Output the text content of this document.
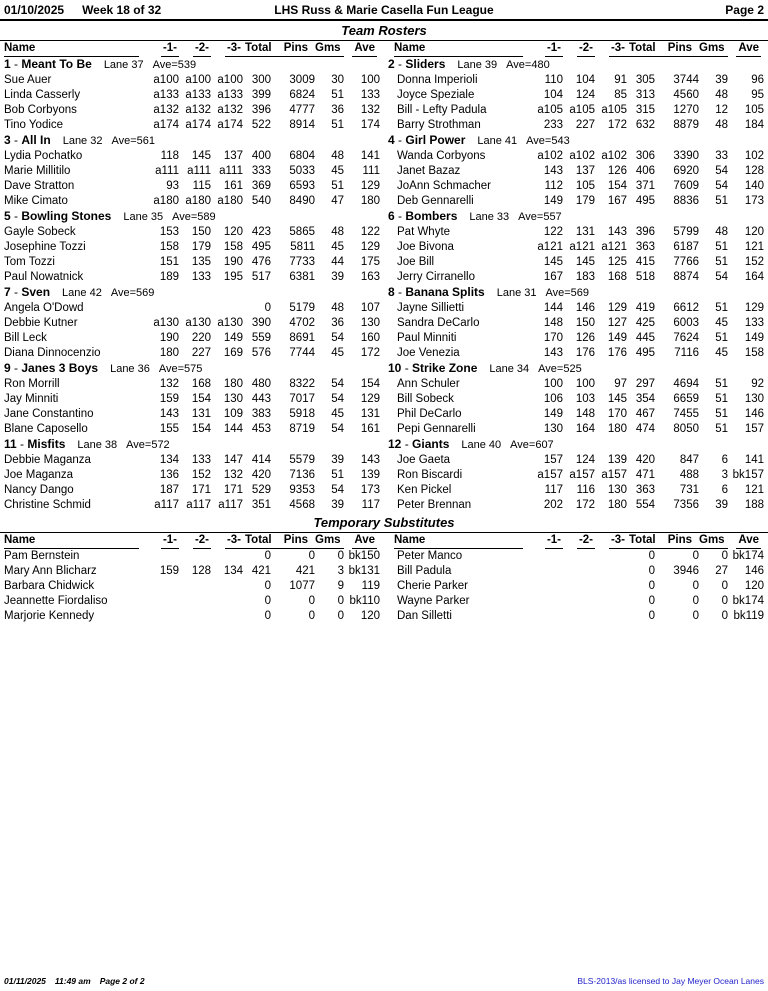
01/10/2025 Week 18 of 32	LHS Russ & Marie Casella Fun League	Page 2
Team Rosters
Name	-1-	-2-	-3-	Total	Pins	Gms	Ave
1 - Meant To Be Lane 37 Ave=539							
Sue Auer	a100	a100	a100	300	3009	30	100
Linda Casserly	a133	a133	a133	399	6824	51	133
Bob Corbyons	a132	a132	a132	396	4777	36	132
Tino Yodice	a174	a174	a174	522	8914	51	174
3 - All In Lane 32 Ave=561							
Lydia Pochatko	118	145	137	400	6804	48	141
Marie Millitilo	a111	a111	a111	333	5033	45	111
Dave Stratton	93	115	161	369	6593	51	129
Mike Cimato	a180	a180	a180	540	8490	47	180
5 - Bowling Stones Lane 35 Ave=589							
Gayle Sobeck	153	150	120	423	5865	48	122
Josephine Tozzi	158	179	158	495	5811	45	129
Tom Tozzi	151	135	190	476	7733	44	175
Paul Nowatnick	189	133	195	517	6381	39	163
7 - Sven Lane 42 Ave=569							
Angela O'Dowd				0	5179	48	107
Debbie Kutner	a130	a130	a130	390	4702	36	130
Bill Leck	190	220	149	559	8691	54	160
Diana Dinnocenzio	180	227	169	576	7744	45	172
9 - Janes 3 Boys Lane 36 Ave=575							
Ron Morrill	132	168	180	480	8322	54	154
Jay Minniti	159	154	130	443	7017	54	129
Jane Constantino	143	131	109	383	5918	45	131
Blane Caposello	155	154	144	453	8719	54	161
11 - Misfits Lane 38 Ave=572							
Debbie Maganza	134	133	147	414	5579	39	143
Joe Maganza	136	152	132	420	7136	51	139
Nancy Dango	187	171	171	529	9353	54	173
Christine Schmid	a117	a117	a117	351	4568	39	117
Name	-1-	-2-	-3-	Total	Pins	Gms	Ave
2 - Sliders Lane 39 Ave=480							
Donna Imperioli	110	104	91	305	3744	39	96
Joyce Speziale	104	124	85	313	4560	48	95
Bill - Lefty Padula	a105	a105	a105	315	1270	12	105
Barry Strothman	233	227	172	632	8879	48	184
4 - Girl Power Lane 41 Ave=543							
Wanda Corbyons	a102	a102	a102	306	3390	33	102
Janet Bazaz	143	137	126	406	6920	54	128
JoAnn Schmacher	112	105	154	371	7609	54	140
Deb Gennarelli	149	179	167	495	8836	51	173
6 - Bombers Lane 33 Ave=557							
Pat Whyte	122	131	143	396	5799	48	120
Joe Bivona	a121	a121	a121	363	6187	51	121
Joe Bill	145	145	125	415	7766	51	152
Jerry Cirranello	167	183	168	518	8874	54	164
8 - Banana Splits Lane 31 Ave=569							
Jayne Sillietti	144	146	129	419	6612	51	129
Sandra DeCarlo	148	150	127	425	6003	45	133
Paul Minniti	170	126	149	445	7624	51	149
Joe Venezia	143	176	176	495	7116	45	158
10 - Strike Zone Lane 34 Ave=525							
Ann Schuler	100	100	97	297	4694	51	92
Bill Sobeck	106	103	145	354	6659	51	130
Phil DeCarlo	149	148	170	467	7455	51	146
Pepi Gennarelli	130	164	180	474	8050	51	157
12 - Giants Lane 40 Ave=607							
Joe Gaeta	157	124	139	420	847	6	141
Ron Biscardi	a157	a157	a157	471	488	3	bk157
Ken Pickel	117	116	130	363	731	6	121
Peter Brennan	202	172	180	554	7356	39	188
Temporary Substitutes
Name	-1-	-2-	-3-	Total	Pins	Gms	Ave
Pam Bernstein				0	0	0	bk150
Mary Ann Blicharz	159	128	134	421	421	3	bk131
Barbara Chidwick				0	1077	9	119
Jeannette Fiordaliso				0	0	0	bk110
Marjorie Kennedy				0	0	0	120
Name	-1-	-2-	-3-	Total	Pins	Gms	Ave
Peter Manco				0	0	0	bk174
Bill Padula				0	3946	27	146
Cherie Parker				0	0	0	120
Wayne Parker				0	0	0	bk174
Dan Silletti				0	0	0	bk119
01/11/2025 11:49 am Page 2 of 2	BLS-2013/as licensed to Jay Meyer Ocean Lanes
